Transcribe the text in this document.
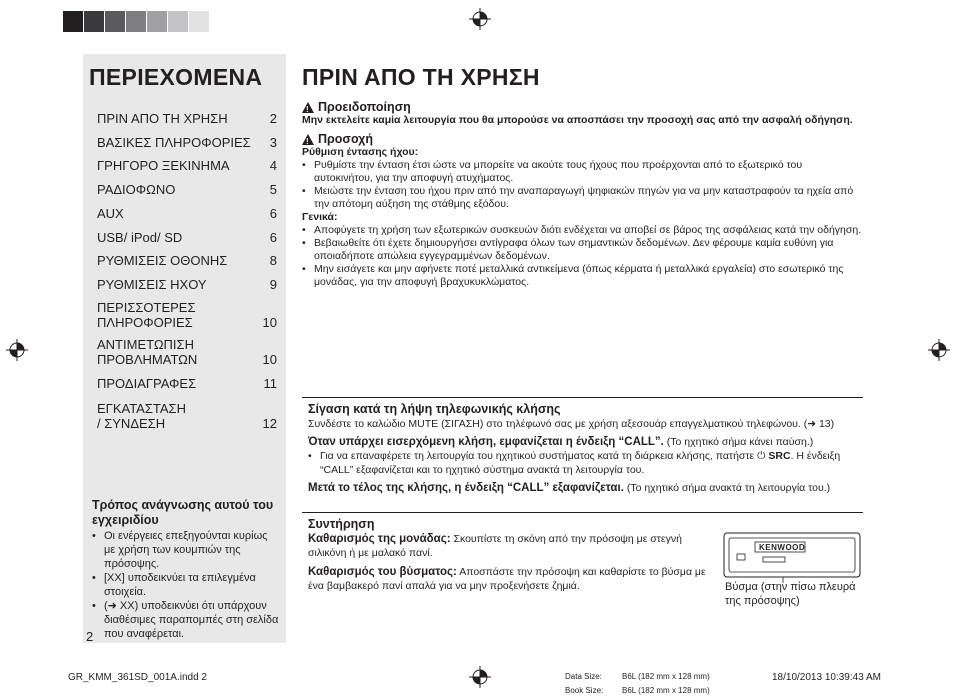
ΠΕΡΙΕΧΟΜΕΝΑ
ΠΡΙΝ ΑΠΟ ΤΗ ΧΡΗΣΗ	2
ΒΑΣΙΚΕΣ ΠΛΗΡΟΦΟΡΙΕΣ 3
ΓΡΗΓΟΡΟ ΞΕΚΙΝΗΜΑ	4
ΡΑΔΙΟΦΩΝΟ	5
AUX	6
USB/ iPod/ SD	6
ΡΥΘΜΙΣΕΙΣ ΟΘΟΝΗΣ	8
ΡΥΘΜΙΣΕΙΣ ΗΧΟΥ	9
ΠΕΡΙΣΣΟΤΕΡΕΣ ΠΛΗΡΟΦΟΡΙΕΣ	10
ΑΝΤΙΜΕΤΩΠΙΣΗ ΠΡΟΒΛΗΜΑΤΩΝ	10
ΠΡΟΔΙΑΓΡΑΦΕΣ	11
ΕΓΚΑΤΑΣΤΑΣΗ / ΣΥΝΔΕΣΗ	12
Τρόπος ανάγνωσης αυτού του εγχειριδίου
• Οι ενέργειες επεξηγούνται κυρίως με χρήση των κουμπιών της πρόσοψης.
• [XX] υποδεικνύει τα επιλεγμένα στοιχεία.
• (➜ XX) υποδεικνύει ότι υπάρχουν διαθέσιμες παραπομπές στη σελίδα που αναφέρεται.
ΠΡΙΝ ΑΠΟ ΤΗ ΧΡΗΣΗ
!
Προειδοποίηση
Μην εκτελείτε καμία λειτουργία που θα μπορούσε να αποσπάσει την προσοχή σας από την ασφαλή οδήγηση.
!
Προσοχή
Ρύθμιση έντασης ήχου:
• Ρυθμίστε την ένταση έτσι ώστε να μπορείτε να ακούτε τους ήχους που προέρχονται από το εξωτερικό του αυτοκινήτου, για την αποφυγή ατυχήματος.
• Μειώστε την ένταση του ήχου πριν από την αναπαραγωγή ψηφιακών πηγών για να μην καταστραφούν τα ηχεία από την απότομη αύξηση της στάθμης εξόδου.
Γενικά:
• Αποφύγετε τη χρήση των εξωτερικών συσκευών διότι ενδέχεται να αποβεί σε βάρος της ασφάλειας κατά την οδήγηση.
• Βεβαιωθείτε ότι έχετε δημιουργήσει αντίγραφα όλων των σημαντικών δεδομένων. Δεν φέρουμε καμία ευθύνη για οποιαδήποτε απώλεια εγγεγραμμένων δεδομένων.
• Μην εισάγετε και μην αφήνετε ποτέ μεταλλικά αντικείμενα (όπως κέρματα ή μεταλλικά εργαλεία) στο εσωτερικό της μονάδας, για την αποφυγή βραχυκυκλώματος.
Σίγαση κατά τη λήψη τηλεφωνικής κλήσης
Συνδέστε το καλώδιο MUTE (ΣΙΓΑΣΗ) στο τηλέφωνό σας με χρήση αξεσουάρ επαγγελματικού τηλεφώνου. (➜ 13)
Όταν υπάρχει εισερχόμενη κλήση, εμφανίζεται η ένδειξη “CALL”. (Το ηχητικό σήμα κάνει παύση.)
• Για να επαναφέρετε τη λειτουργία του ηχητικού συστήματος κατά τη διάρκεια κλήσης, πατήστε ⏻ SRC. Η ένδειξη “CALL” εξαφανίζεται και το ηχητικό σύστημα ανακτά τη λειτουργία του.
Μετά το τέλος της κλήσης, η ένδειξη “CALL” εξαφανίζεται. (Το ηχητικό σήμα ανακτά τη λειτουργία του.)
Συντήρηση
Καθαρισμός της μονάδας: Σκουπίστε τη σκόνη από την πρόσοψη με στεγνή σιλικόνη ή με μαλακό πανί.
Καθαρισμός του βύσματος: Αποσπάστε την πρόσοψη και καθαρίστε το βύσμα με ένα βαμβακερό πανί απαλά για να μην προξενήσετε ζημιά.
KENWOOD
Βύσμα (στην πίσω πλευρά της πρόσοψης)
2
GR_KMM_361SD_001A.indd 2	Data Size:	B6L (182 mm x 128 mm)
Book Size: B6L (182 mm x 128 mm)
18/10/2013 10:39:43 AM
